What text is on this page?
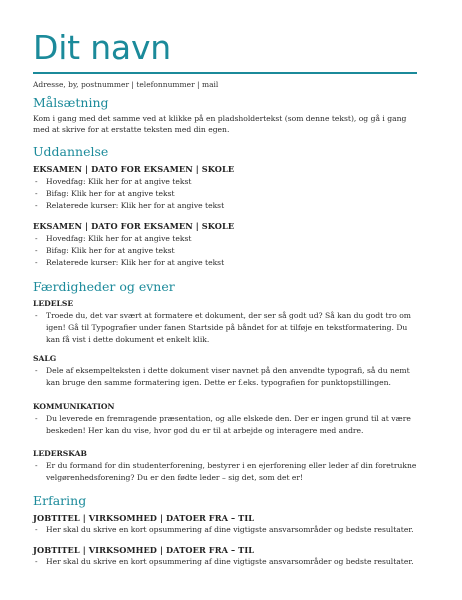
Dit navn
Adresse, by, postnummer | telefonnummer | mail
Målsætning

Kom i gang med det samme ved at klikke på en pladsholdertekst (som denne tekst), og gå i gang med at skrive for at erstatte teksten med din egen.

Uddannelse

EKSAMEN | DATO FOR EKSAMEN | SKOLE

- Hovedfag: Klik her for at angive tekst
- Bifag: Klik her for at angive tekst
- Relaterede kurser: Klik her for at angive tekst

EKSAMEN | DATO FOR EKSAMEN | SKOLE

- Hovedfag: Klik her for at angive tekst
- Bifag: Klik her for at angive tekst
- Relaterede kurser: Klik her for at angive tekst
Færdigheder og evner

LEDELSE

- Troede du, det var svært at formatere et dokument, der ser så godt ud? Så kan du godt tro om igen! Gå til Typografier under fanen Startside på båndet for at tilføje en tekstformatering. Du kan få vist i dette dokument et enkelt klik.

SALG

- Dele af eksempelteksten i dette dokument viser navnet på den anvendte typografi, så du nemt kan bruge den samme formatering igen. Dette er f.eks. typografien for punktopstillingen.

KOMMUNIKATION

- Du leverede en fremragende præsentation, og alle elskede den. Der er ingen grund til at være beskeden! Her kan du vise, hvor god du er til at arbejde og interagere med andre.

LEDERSKAB

- Er du formand for din studenterforening, bestyrer i en ejerforening eller leder af din foretrukne velgørenhedsforening? Du er den fødte leder – sig det, som det er!
Erfaring

JOBTITEL | VIRKSOMHED | DATOER FRA – TIL

- Her skal du skrive en kort opsummering af dine vigtigste ansvarsområder og bedste resultater.

JOBTITEL | VIRKSOMHED | DATOER FRA – TIL

- Her skal du skrive en kort opsummering af dine vigtigste ansvarsområder og bedste resultater.
